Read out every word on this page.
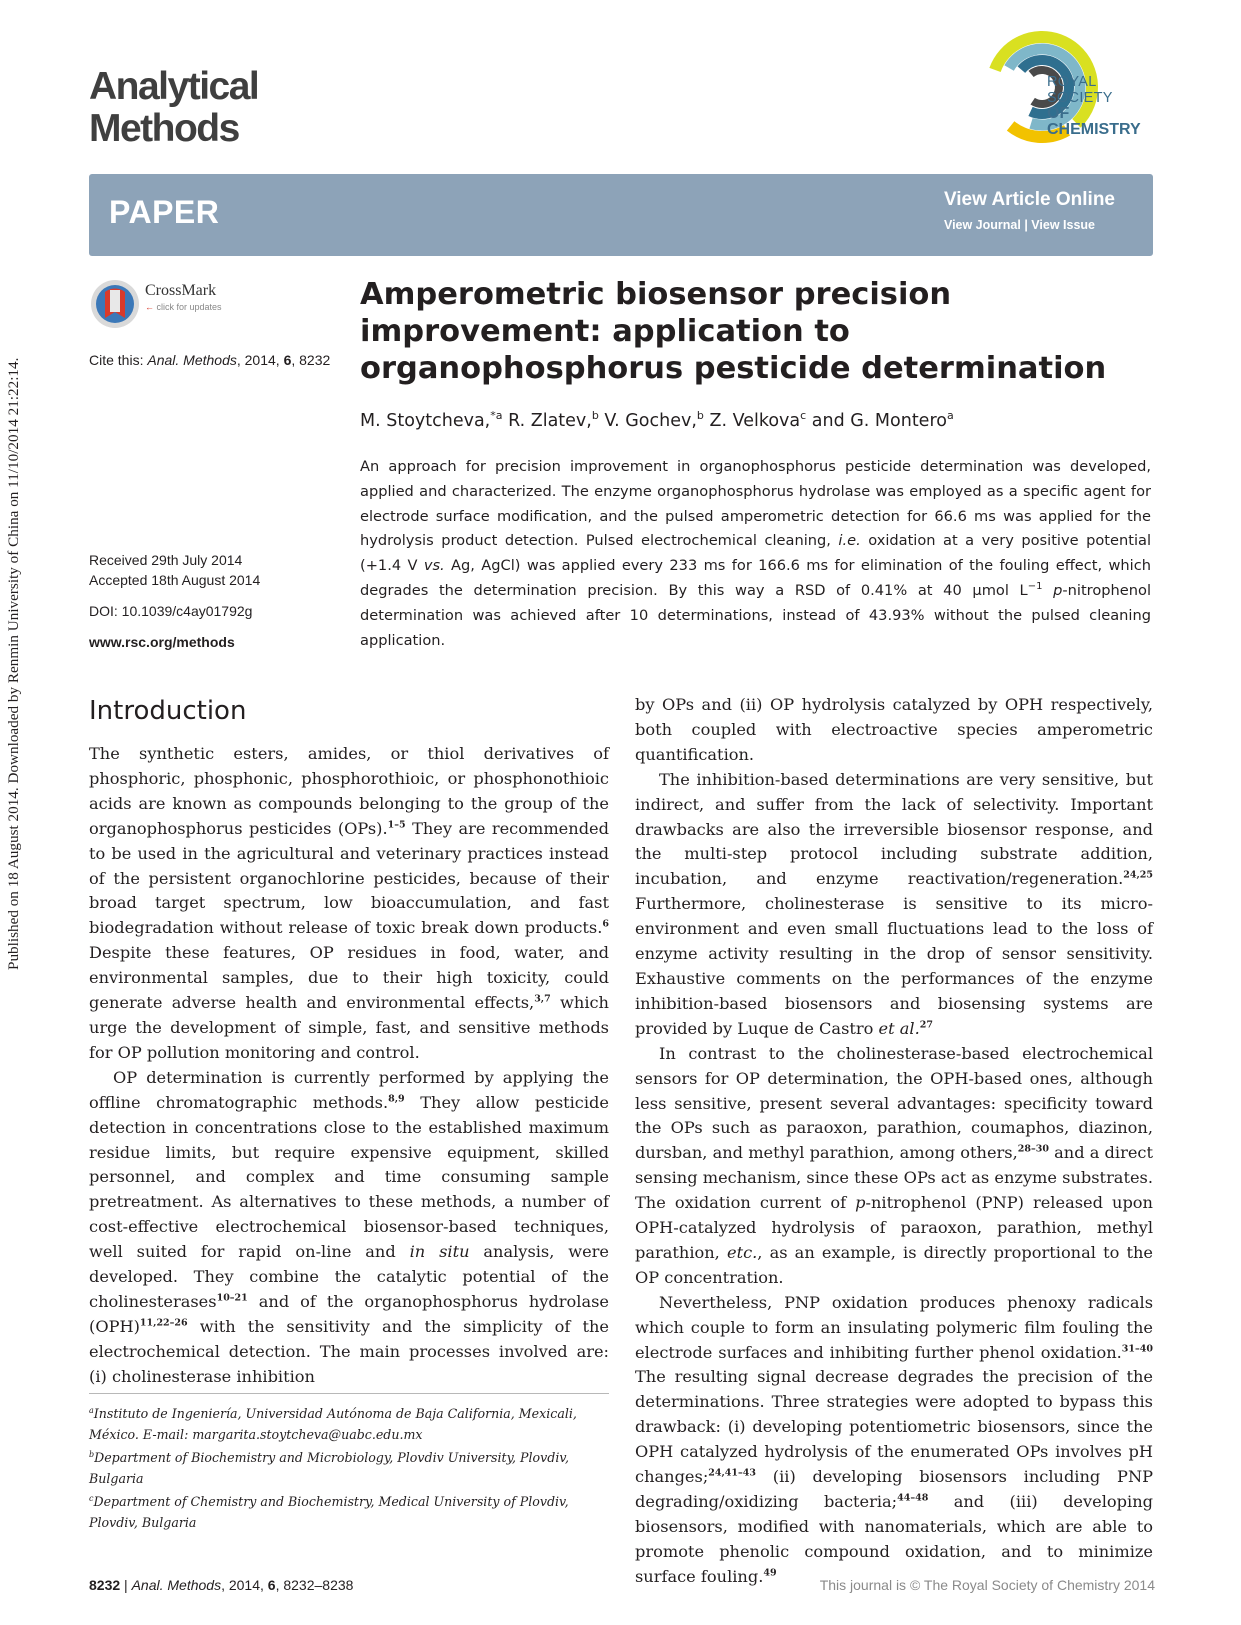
Published on 18 August 2014. Downloaded by Renmin University of China on 11/10/2014 21:22:14.
Analytical
Methods
ROYAL SOCIETY
OF CHEMISTRY
PAPER	View Article Online
View Journal | View Issue
CrossMark
← click for updates
Cite this: Anal. Methods, 2014, 6, 8232
Received 29th July 2014
Accepted 18th August 2014
DOI: 10.1039/c4ay01792g
www.rsc.org/methods
Amperometric biosensor precision improvement: application to organophosphorus pesticide determination
M. Stoytcheva,$^{*a}$ R. Zlatev,$^b$ V. Gochev,$^b$ Z. Velkova$^c$ and G. Montero$^a$
An approach for precision improvement in organophosphorus pesticide determination was developed, applied and characterized. The enzyme organophosphorus hydrolase was employed as a specific agent for electrode surface modification, and the pulsed amperometric detection for 66.6 ms was applied for the hydrolysis product detection. Pulsed electrochemical cleaning, i.e. oxidation at a very positive potential (+1.4 V vs. Ag, AgCl) was applied every 233 ms for 166.6 ms for elimination of the fouling effect, which degrades the determination precision. By this way a RSD of 0.41% at 40 μmol $L^{-1}$ p-nitrophenol determination was achieved after 10 determinations, instead of 43.93% without the pulsed cleaning application.
Introduction

The synthetic esters, amides, or thiol derivatives of phosphoric, phosphonic, phosphorothioic, or phosphonothioic acids are known as compounds belonging to the group of the organophosphorus pesticides (OPs).$^{1-5}$ They are recommended to be used in the agricultural and veterinary practices instead of the persistent organochlorine pesticides, because of their broad target spectrum, low bioaccumulation, and fast biodegradation without release of toxic break down products.$^6$ Despite these features, OP residues in food, water, and environmental samples, due to their high toxicity, could generate adverse health and environmental effects,$^{3,7}$ which urge the development of simple, fast, and sensitive methods for OP pollution monitoring and control.

OP determination is currently performed by applying the offline chromatographic methods.$^{8,9}$ They allow pesticide detection in concentrations close to the established maximum residue limits, but require expensive equipment, skilled personnel, and complex and time consuming sample pretreatment. As alternatives to these methods, a number of cost-effective electrochemical biosensor-based techniques, well suited for rapid on-line and in situ analysis, were developed. They combine the catalytic potential of the cholinesterases$^{10-21}$ and of the organophosphorus hydrolase (OPH)$^{11,22-26}$ with the sensitivity and the simplicity of the electrochemical detection. The main processes involved are: (i) cholinesterase inhibition

by OPs and (ii) OP hydrolysis catalyzed by OPH respectively, both coupled with electroactive species amperometric quantification.

The inhibition-based determinations are very sensitive, but indirect, and suffer from the lack of selectivity. Important drawbacks are also the irreversible biosensor response, and the multi-step protocol including substrate addition, incubation, and enzyme reactivation/regeneration.$^{24,25}$ Furthermore, cholinesterase is sensitive to its micro-environment and even small fluctuations lead to the loss of enzyme activity resulting in the drop of sensor sensitivity. Exhaustive comments on the performances of the enzyme inhibition-based biosensors and biosensing systems are provided by Luque de Castro et al.$^{27}$

In contrast to the cholinesterase-based electrochemical sensors for OP determination, the OPH-based ones, although less sensitive, present several advantages: specificity toward the OPs such as paraoxon, parathion, coumaphos, diazinon, dursban, and methyl parathion, among others,$^{28-30}$ and a direct sensing mechanism, since these OPs act as enzyme substrates. The oxidation current of p-nitrophenol (PNP) released upon OPH-catalyzed hydrolysis of paraoxon, parathion, methyl parathion, etc., as an example, is directly proportional to the OP concentration.

Nevertheless, PNP oxidation produces phenoxy radicals which couple to form an insulating polymeric film fouling the electrode surfaces and inhibiting further phenol oxidation.$^{31-40}$ The resulting signal decrease degrades the precision of the determinations. Three strategies were adopted to bypass this drawback: (i) developing potentiometric biosensors, since the OPH catalyzed hydrolysis of the enumerated OPs involves pH changes;$^{24,41-43}$ (ii) developing biosensors including PNP degrading/oxidizing bacteria;$^{44-48}$ and (iii) developing biosensors, modified with nanomaterials, which are able to promote phenolic compound oxidation, and to minimize surface fouling.$^{49}$

$^a$Instituto de Ingeniería, Universidad Autónoma de Baja California, Mexicali, México. E-mail: margarita.stoytcheva@uabc.edu.mx

$^b$Department of Biochemistry and Microbiology, Plovdiv University, Plovdiv, Bulgaria

$^c$Department of Chemistry and Biochemistry, Medical University of Plovdiv, Plovdiv, Bulgaria

8232 | Anal. Methods, 2014, 6, 8232–8238	This journal is © The Royal Society of Chemistry 2014
